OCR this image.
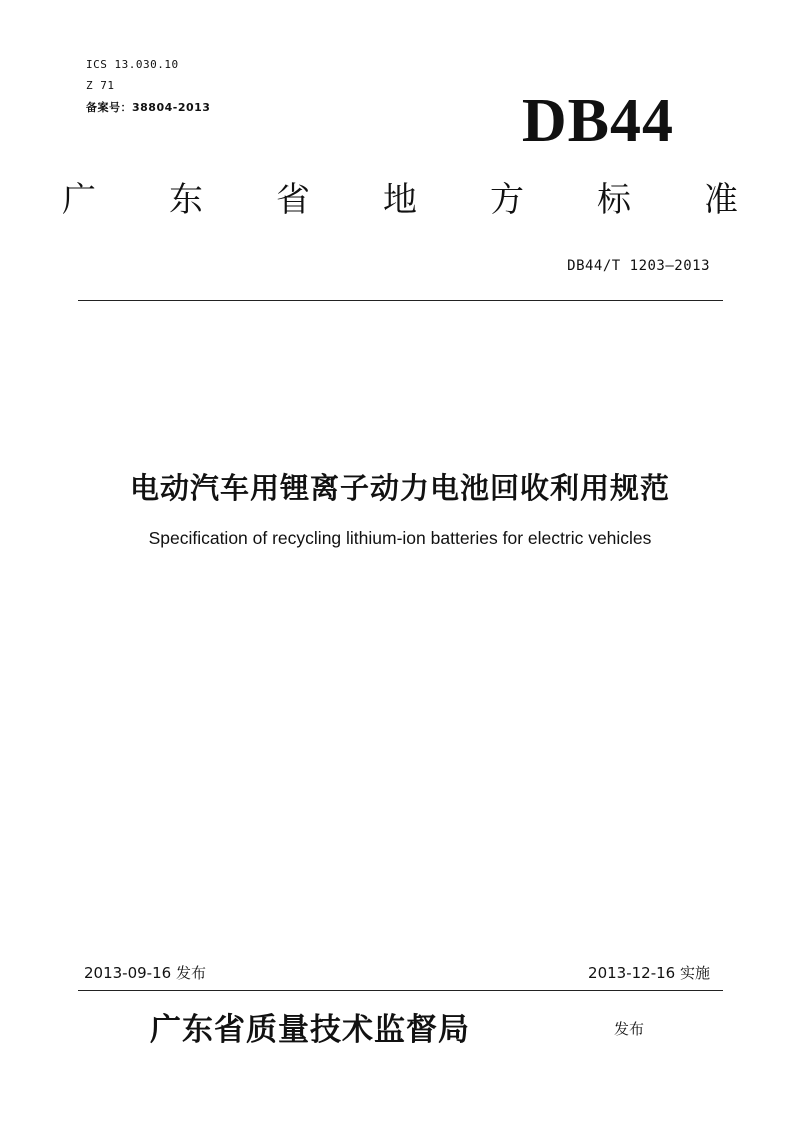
ICS 13.030.10
Z 71
备案号：38804-2013	DB44
广 东 省 地 方 标 准
DB44/T 1203—2013
电动汽车用锂离子动力电池回收利用规范
Specification of recycling lithium-ion batteries for electric vehicles
2013-09-16 发布	2013-12-16 实施
广东省质量技术监督局	发布
